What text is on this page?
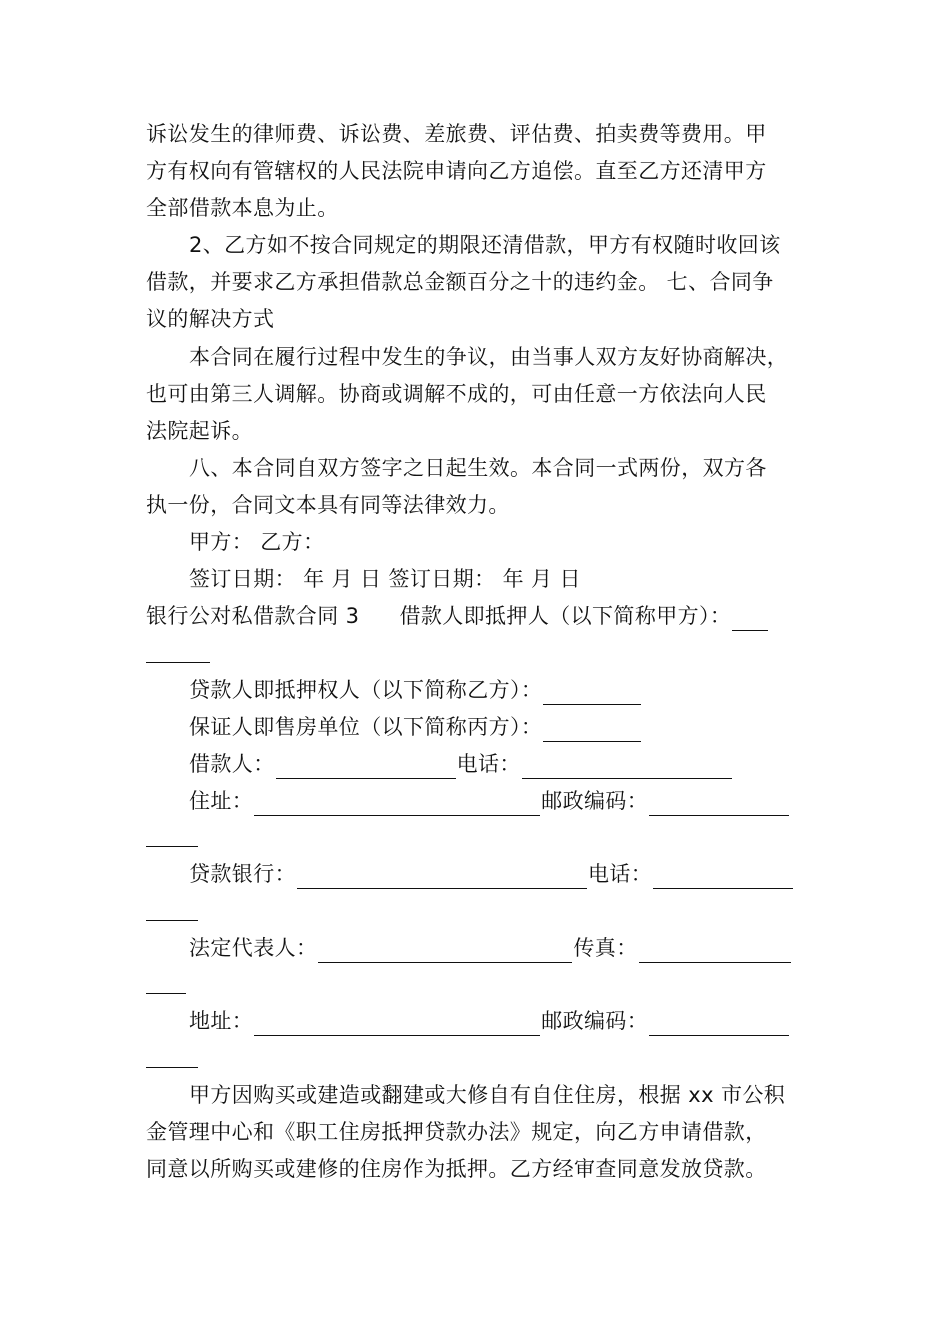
诉讼发生的律师费、诉讼费、差旅费、评估费、拍卖费等费用。甲
方有权向有管辖权的人民法院申请向乙方追偿。直至乙方还清甲方
全部借款本息为止。
2、乙方如不按合同规定的期限还清借款，甲方有权随时收回该
借款，并要求乙方承担借款总金额百分之十的违约金。 七、合同争
议的解决方式
本合同在履行过程中发生的争议，由当事人双方友好协商解决，
也可由第三人调解。协商或调解不成的，可由任意一方依法向人民
法院起诉。
八、本合同自双方签字之日起生效。本合同一式两份，双方各
执一份，合同文本具有同等法律效力。
甲方： 乙方：
签订日期： 年 月 日 签订日期： 年 月 日
银行公对私借款合同 3 借款人即抵押人（以下简称甲方）：
贷款人即抵押权人（以下简称乙方）：
保证人即售房单位（以下简称丙方）：
借款人：	电话：
住址：	邮政编码：
贷款银行：	电话：
法定代表人：	传真：
地址：	邮政编码：
甲方因购买或建造或翻建或大修自有自住住房，根据 xx 市公积
金管理中心和《职工住房抵押贷款办法》规定，向乙方申请借款，
同意以所购买或建修的住房作为抵押。乙方经审查同意发放贷款。
